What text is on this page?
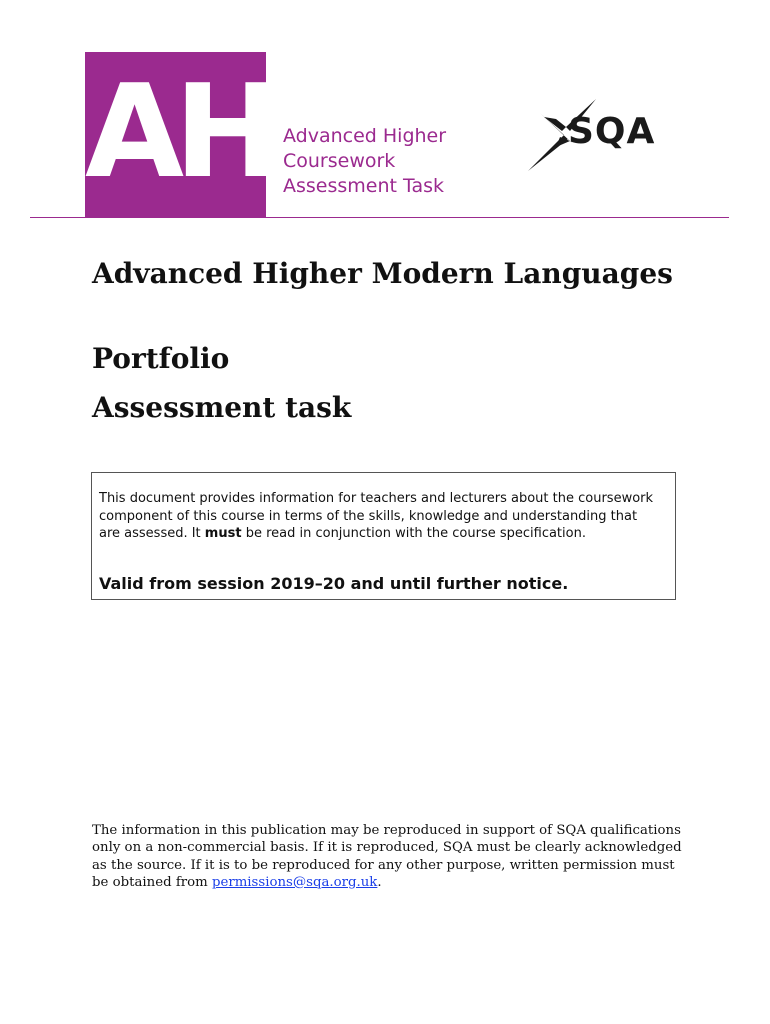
AH Advanced Higher
Coursework
Assessment Task
SQA
Advanced Higher Modern Languages
Portfolio
Assessment task

This document provides information for teachers and lecturers about the coursework component of this course in terms of the skills, knowledge and understanding that are assessed. It must be read in conjunction with the course specification.

Valid from session 2019–20 and until further notice.

The information in this publication may be reproduced in support of SQA qualifications only on a non-commercial basis. If it is reproduced, SQA must be clearly acknowledged as the source. If it is to be reproduced for any other purpose, written permission must be obtained from permissions@sqa.org.uk.
